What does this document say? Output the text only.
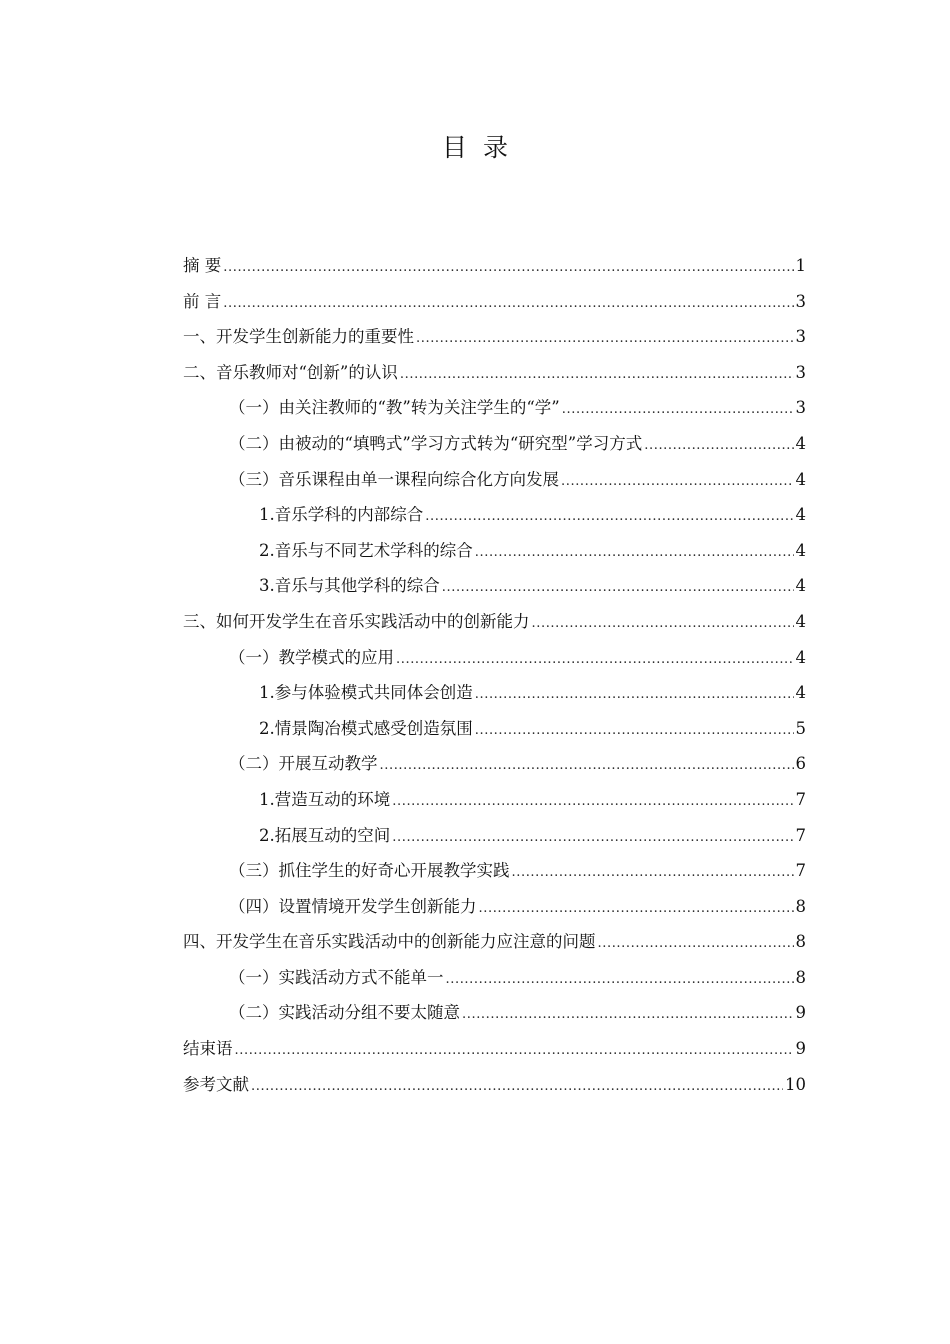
目录
摘 要 .....	1
前 言 .....	3
一、开发学生创新能力的重要性 .....	3
二、音乐教师对“创新”的认识 .....	3
（一）由关注教师的“教”转为关注学生的“学” .....	3
（二）由被动的“填鸭式”学习方式转为“研究型”学习方式 .....	4
（三）音乐课程由单一课程向综合化方向发展 .....	4
1.音乐学科的内部综合 .....	4
2.音乐与不同艺术学科的综合 .....	4
3.音乐与其他学科的综合 .....	4
三、如何开发学生在音乐实践活动中的创新能力 .....	4
（一）教学模式的应用 .....	4
1.参与体验模式共同体会创造 .....	4
2.情景陶冶模式感受创造氛围 .....	5
（二）开展互动教学 .....	6
1.营造互动的环境 .....	7
2.拓展互动的空间 .....	7
（三）抓住学生的好奇心开展教学实践 .....	7
（四）设置情境开发学生创新能力 .....	8
四、开发学生在音乐实践活动中的创新能力应注意的问题 .....	8
（一）实践活动方式不能单一 .....	8
（二）实践活动分组不要太随意 .....	9
结束语 .....	9
参考文献 .....	10
